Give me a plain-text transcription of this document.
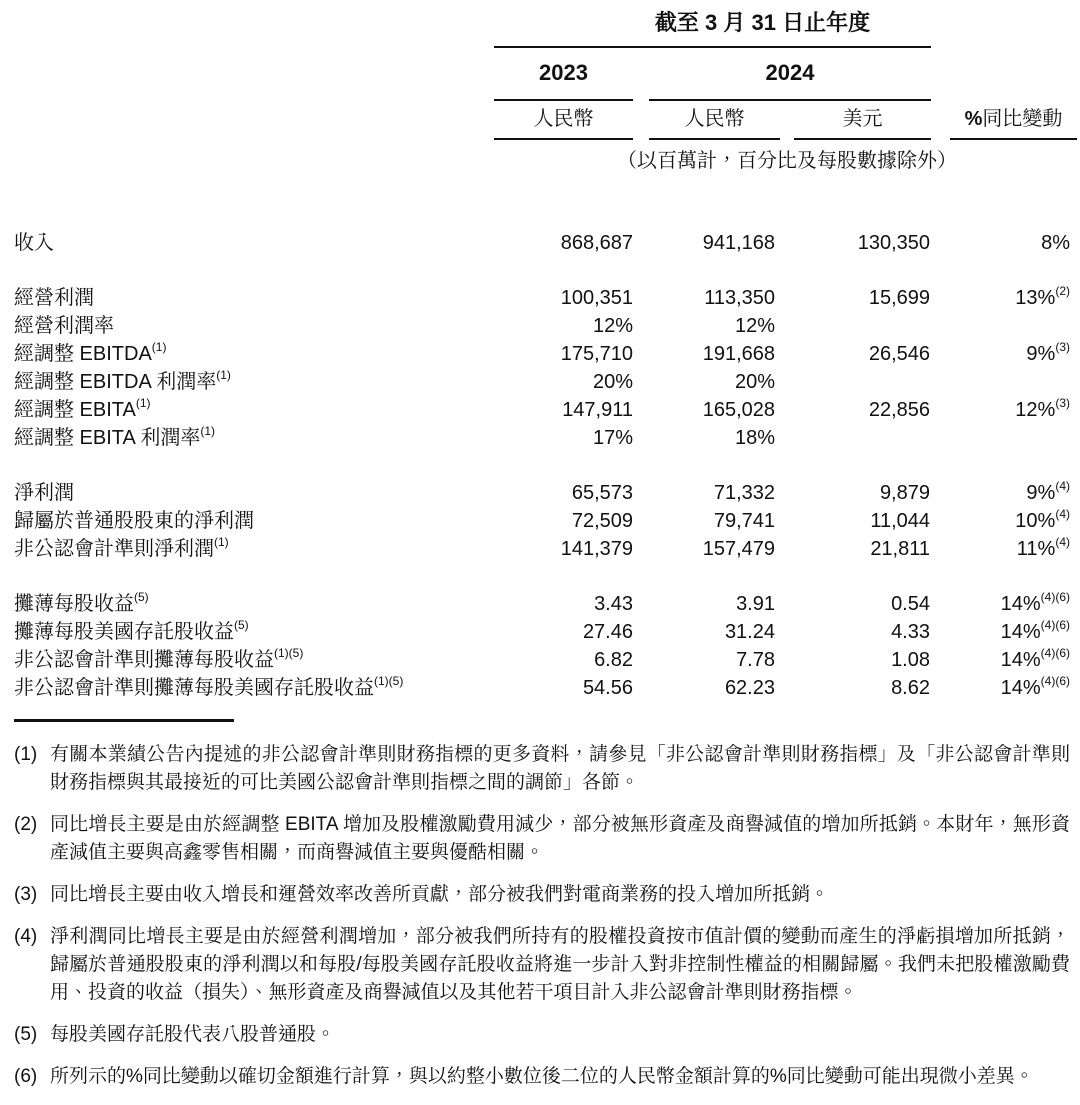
截至 3 月 31 日止年度
2023	2024
人民幣	人民幣	美元	%同比變動
（以百萬計，百分比及每股數據除外）
收入	868,687	941,168	130,350	8%
經營利潤	100,351	113,350	15,699	13%$^{(2)}$
經營利潤率	12%	12%
經調整 EBITDA$^{(1)}$	175,710	191,668	26,546	9%$^{(3)}$
經調整 EBITDA 利潤率$^{(1)}$	20%	20%
經調整 EBITA$^{(1)}$	147,911	165,028	22,856	12%$^{(3)}$
經調整 EBITA 利潤率$^{(1)}$	17%	18%
淨利潤	65,573	71,332	9,879	9%$^{(4)}$
歸屬於普通股股東的淨利潤	72,509	79,741	11,044	10%$^{(4)}$
非公認會計準則淨利潤$^{(1)}$	141,379	157,479	21,811	11%$^{(4)}$
攤薄每股收益$^{(5)}$	3.43	3.91	0.54	14%$^{(4)(6)}$
攤薄每股美國存託股收益$^{(5)}$	27.46	31.24	4.33	14%$^{(4)(6)}$
非公認會計準則攤薄每股收益$^{(1)(5)}$	6.82	7.78	1.08	14%$^{(4)(6)}$
非公認會計準則攤薄每股美國存託股收益$^{(1)(5)}$	54.56	62.23	8.62	14%$^{(4)(6)}$
(1) 有關本業績公告內提述的非公認會計準則財務指標的更多資料，請參見「非公認會計準則財務指標」及「非公認會計準則財務指標與其最接近的可比美國公認會計準則指標之間的調節」各節。
(2) 同比增長主要是由於經調整 EBITA 增加及股權激勵費用減少，部分被無形資產及商譽減值的增加所抵銷。本財年，無形資產減值主要與高鑫零售相關，而商譽減值主要與優酷相關。
(3) 同比增長主要由收入增長和運營效率改善所貢獻，部分被我們對電商業務的投入增加所抵銷。
(4) 淨利潤同比增長主要是由於經營利潤增加，部分被我們所持有的股權投資按市值計價的變動而產生的淨虧損增加所抵銷，歸屬於普通股股東的淨利潤以和每股/每股美國存託股收益將進一步計入對非控制性權益的相關歸屬。我們未把股權激勵費用、投資的收益（損失）、無形資產及商譽減值以及其他若干項目計入非公認會計準則財務指標。
(5) 每股美國存託股代表八股普通股。
(6) 所列示的%同比變動以確切金額進行計算，與以約整小數位後二位的人民幣金額計算的%同比變動可能出現微小差異。
